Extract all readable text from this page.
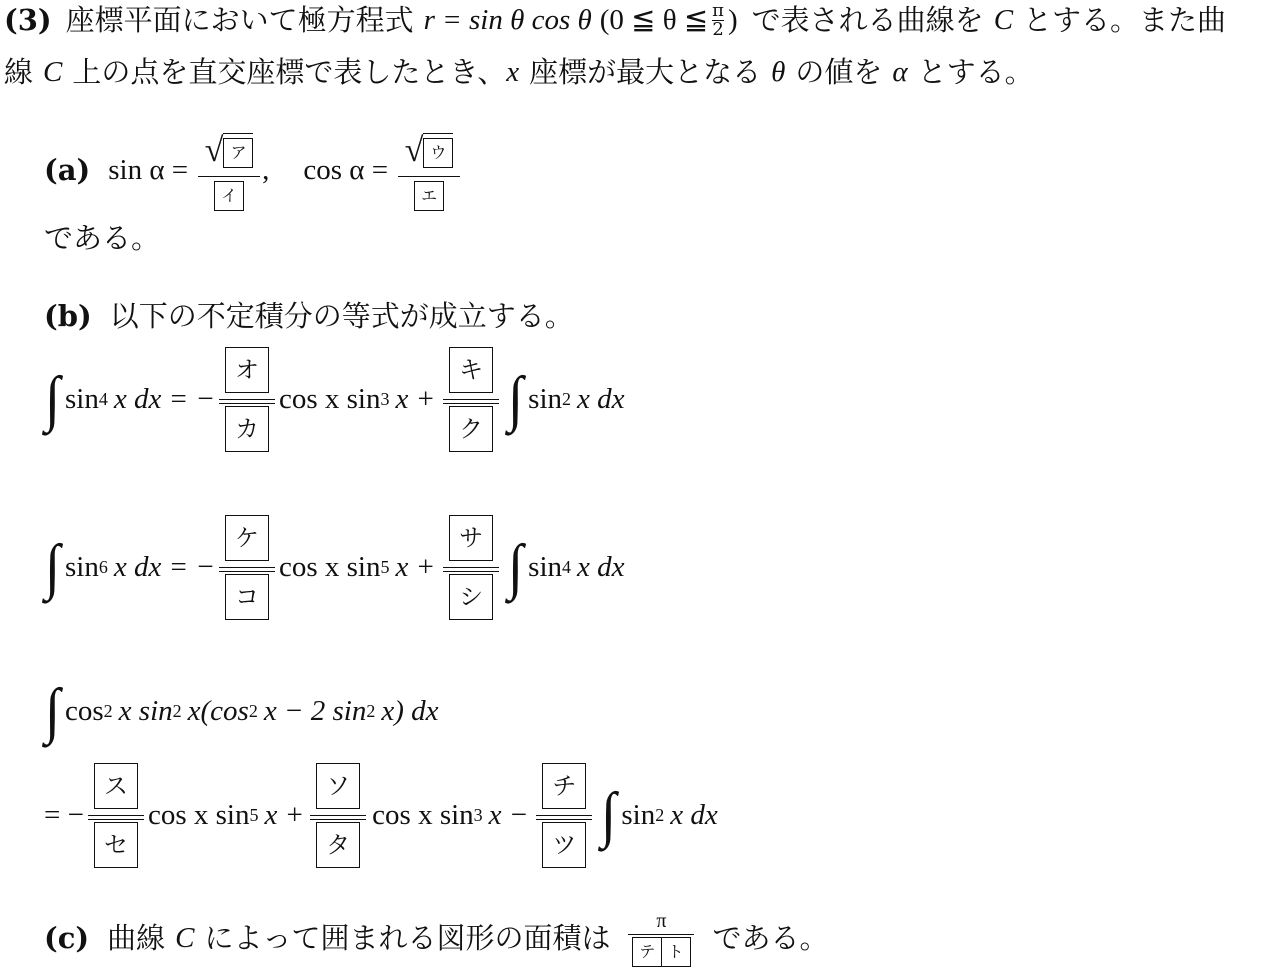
(3) 座標平面において極方程式 r = sin θ cos θ (0 ≦ θ ≦ $\frac{\pi}{2}$ ) で表される曲線を C とする。また曲
線 C 上の点を直交座標で表したとき、 x 座標が最大となる θ の値を α とする。
(a) $\sin \alpha = \frac{\text{√ ア}}{\text{イ}}$ , $\cos \alpha = \frac{\text{√ ウ}}{\text{エ}}$
である。
(b) 以下の不定積分の等式が成立する。
∫ sin 4 x dx = − $\frac{\text{オ}}{\text{カ}}$ cos x sin 3 $x + \frac{\text{キ}}{\text{ク}}$ ∫ sin 2 x dx
∫ sin 6 x dx = − $\frac{\text{ケ}}{\text{コ}}$ cos x sin 5 $x + \frac{\text{サ}}{\text{シ}}$ ∫ sin 4 x dx
∫ cos 2 x sin 2 x(cos 2 x − 2 sin 2 x) dx
= − $\frac{\text{ス}}{\text{セ}}$ cos x sin 5 $x + \frac{\text{ソ}}{\text{タ}}$ cos x sin 3 $x - \frac{\text{チ}}{\text{ツ}}$ ∫ sin 2 x dx
(c) 曲線 C によって囲まれる図形の面積は $\frac{\pi}{\text{テ ト}}$ である。
